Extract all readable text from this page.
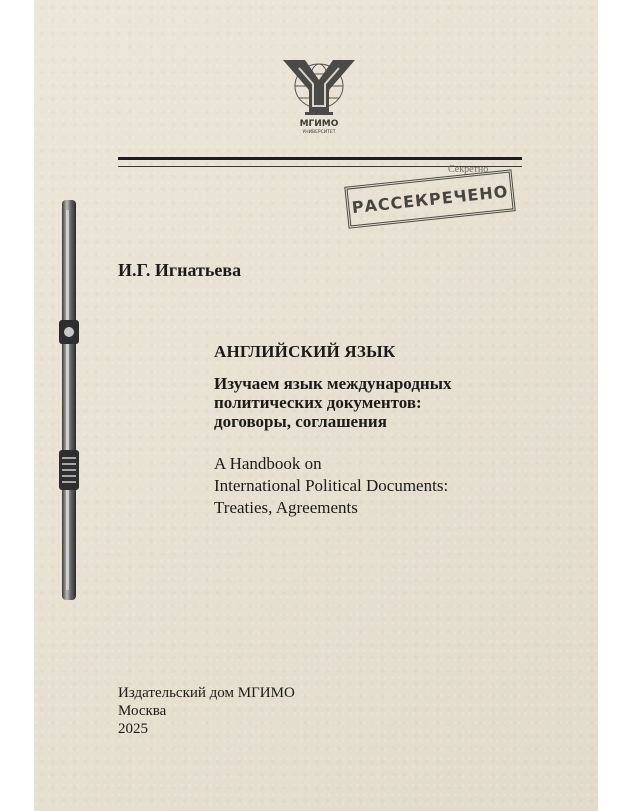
МГИМО
УНИВЕРСИТЕТ
Секретно
РАССЕКРЕЧЕНО

И.Г. Игнатьева

АНГЛИЙСКИЙ ЯЗЫК

Изучаем язык международных
политических документов:
договоры, соглашения

A Handbook on
International Political Documents:
Treaties, Agreements

Издательский дом МГИМО
Москва
2025
